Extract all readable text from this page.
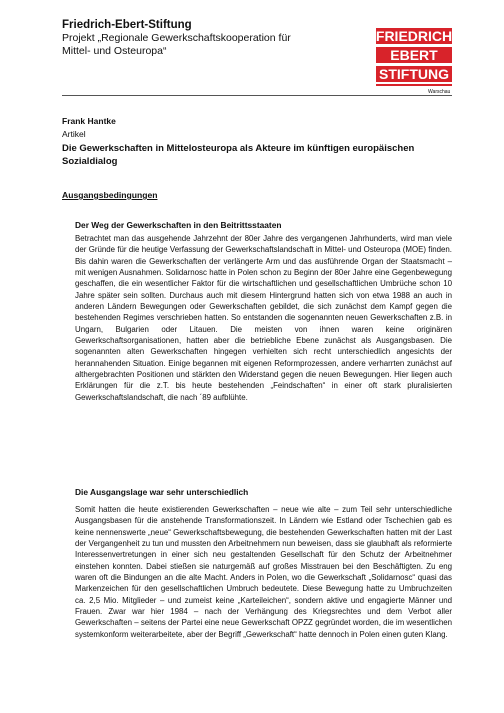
Friedrich-Ebert-Stiftung
Projekt „Regionale Gewerkschaftskooperation für
Mittel- und Osteuropa“
FRIEDRICH
EBERT
STIFTUNG
Warschau
Frank Hantke
Artikel
Die Gewerkschaften in Mittelosteuropa als Akteure im künftigen europäischen Sozialdialog
Ausgangsbedingungen
Der Weg der Gewerkschaften in den Beitrittsstaaten
Betrachtet man das ausgehende Jahrzehnt der 80er Jahre des vergangenen Jahrhunderts, wird man viele der Gründe für die heutige Verfassung der Gewerkschaftslandschaft in Mittel- und Osteuropa (MOE) finden. Bis dahin waren die Gewerkschaften der verlängerte Arm und das ausführende Organ der Staatsmacht – mit wenigen Ausnahmen. Solidarnosc hatte in Polen schon zu Beginn der 80er Jahre eine Gegenbewegung geschaffen, die ein wesentlicher Faktor für die wirtschaftlichen und gesellschaftlichen Umbrüche schon 10 Jahre später sein sollten. Durchaus auch mit diesem Hintergrund hatten sich von etwa 1988 an auch in anderen Ländern Bewegungen oder Gewerkschaften gebildet, die sich zunächst dem Kampf gegen die bestehenden Regimes verschrieben hatten. So entstanden die sogenannten neuen Gewerkschaften z.B. in Ungarn, Bulgarien oder Litauen. Die meisten von ihnen waren keine originären Gewerkschaftsorganisationen, hatten aber die betriebliche Ebene zunächst als Ausgangsbasen. Die sogenannten alten Gewerkschaften hingegen verhielten sich recht unterschiedlich angesichts der herannahenden Situation. Einige begannen mit eigenen Reformprozessen, andere verharrten zunächst auf althergebrachten Positionen und stärkten den Widerstand gegen die neuen Bewegungen. Hier liegen auch Erklärungen für die z.T. bis heute bestehenden „Feindschaften“ in einer oft stark pluralisierten Gewerkschaftslandschaft, die nach ´89 aufblühte.
Die Ausgangslage war sehr unterschiedlich
Somit hatten die heute existierenden Gewerkschaften – neue wie alte – zum Teil sehr unterschiedliche Ausgangsbasen für die anstehende Transformationszeit. In Ländern wie Estland oder Tschechien gab es keine nennenswerte „neue“ Gewerkschaftsbewegung, die bestehenden Gewerkschaften hatten mit der Last der Vergangenheit zu tun und mussten den Arbeitnehmern nun beweisen, dass sie glaubhaft als reformierte Interessenvertretungen in einer sich neu gestaltenden Gesellschaft für den Schutz der Arbeitnehmer einstehen konnten. Dabei stießen sie naturgemäß auf großes Misstrauen bei den Beschäftigten. Zu eng waren oft die Bindungen an die alte Macht. Anders in Polen, wo die Gewerkschaft „Solidarnosc“ quasi das Markenzeichen für den gesellschaftlichen Umbruch bedeutete. Diese Bewegung hatte zu Umbruchzeiten ca. 2,5 Mio. Mitglieder – und zumeist keine „Karteileichen“, sondern aktive und engagierte Männer und Frauen. Zwar war hier 1984 – nach der Verhängung des Kriegsrechtes und dem Verbot aller Gewerkschaften – seitens der Partei eine neue Gewerkschaft OPZZ gegründet worden, die im wesentlichen systemkonform weiterarbeitete, aber der Begriff „Gewerkschaft“ hatte dennoch in Polen einen guten Klang.
